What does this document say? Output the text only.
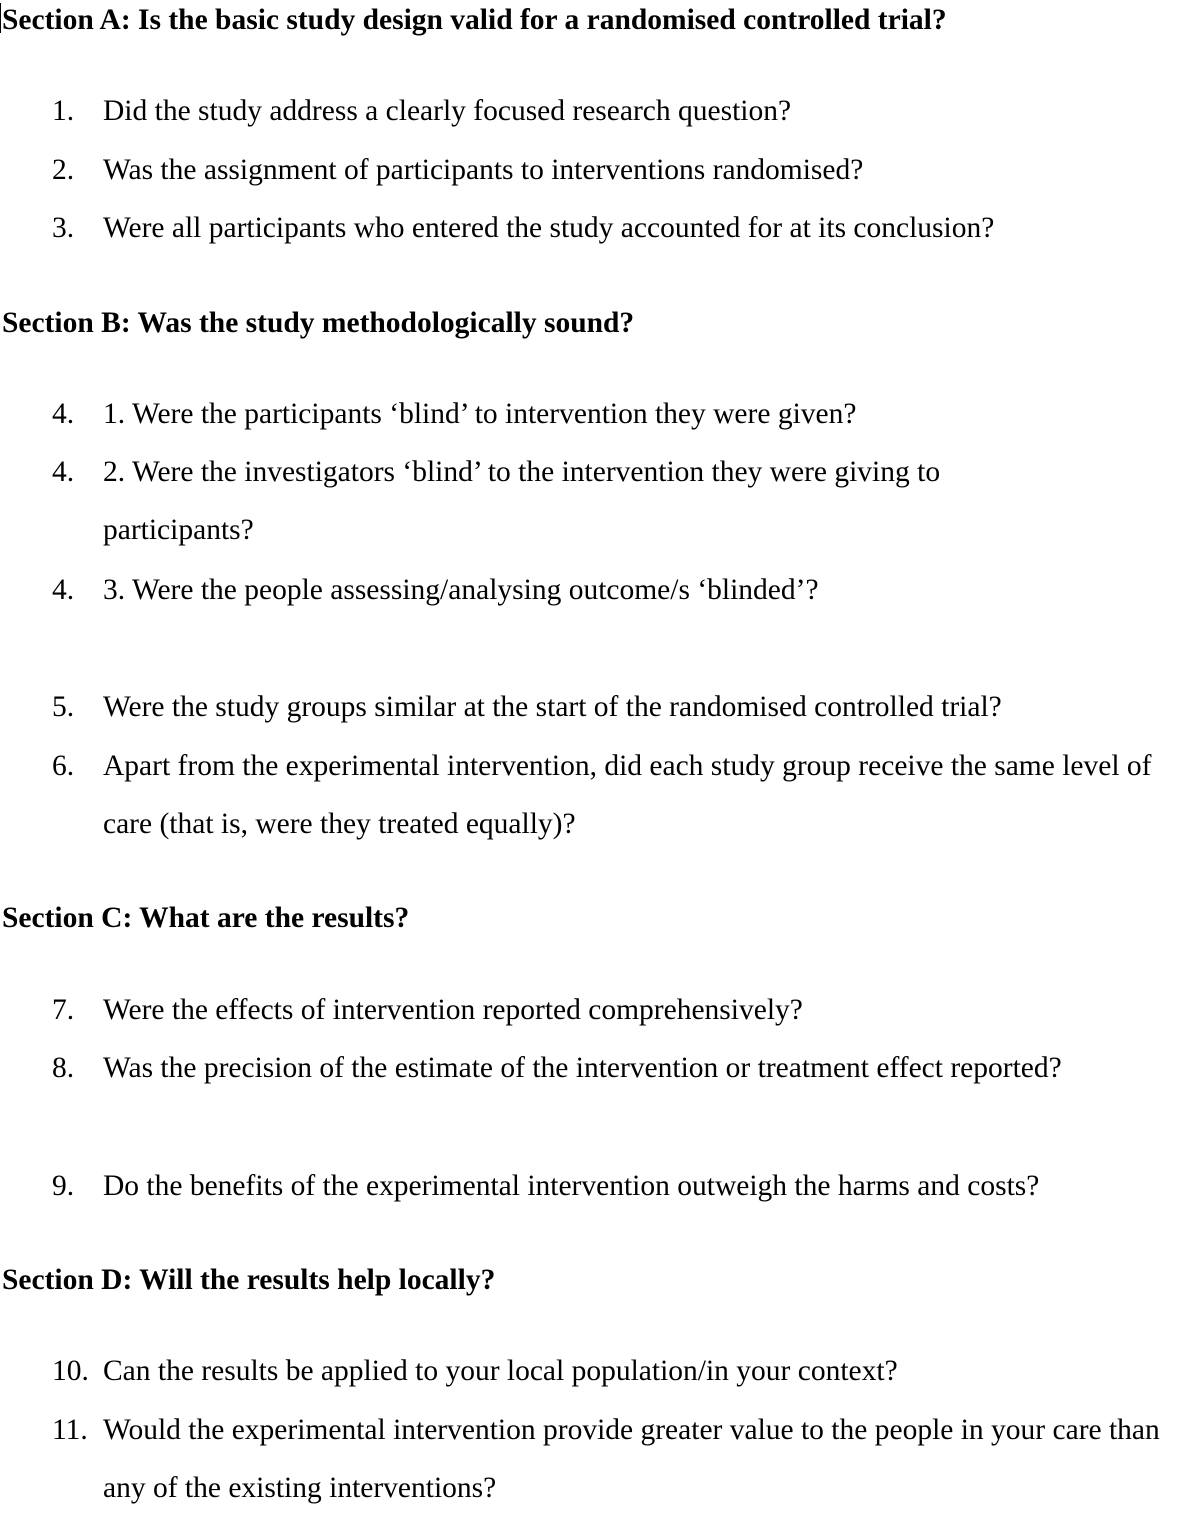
Section A: Is the basic study design valid for a randomised controlled trial?
1. Did the study address a clearly focused research question?
2. Was the assignment of participants to interventions randomised?
3. Were all participants who entered the study accounted for at its conclusion?
Section B: Was the study methodologically sound?
4. 1. Were the participants ‘blind’ to intervention they were given?
4. 2. Were the investigators ‘blind’ to the intervention they were giving to participants?
4. 3. Were the people assessing/analysing outcome/s ‘blinded’?
5. Were the study groups similar at the start of the randomised controlled trial?
6. Apart from the experimental intervention, did each study group receive the same level of care (that is, were they treated equally)?
Section C: What are the results?
7. Were the effects of intervention reported comprehensively?
8. Was the precision of the estimate of the intervention or treatment effect reported?
9. Do the benefits of the experimental intervention outweigh the harms and costs?
Section D: Will the results help locally?
10. Can the results be applied to your local population/in your context?
11. Would the experimental intervention provide greater value to the people in your care than any of the existing interventions?
